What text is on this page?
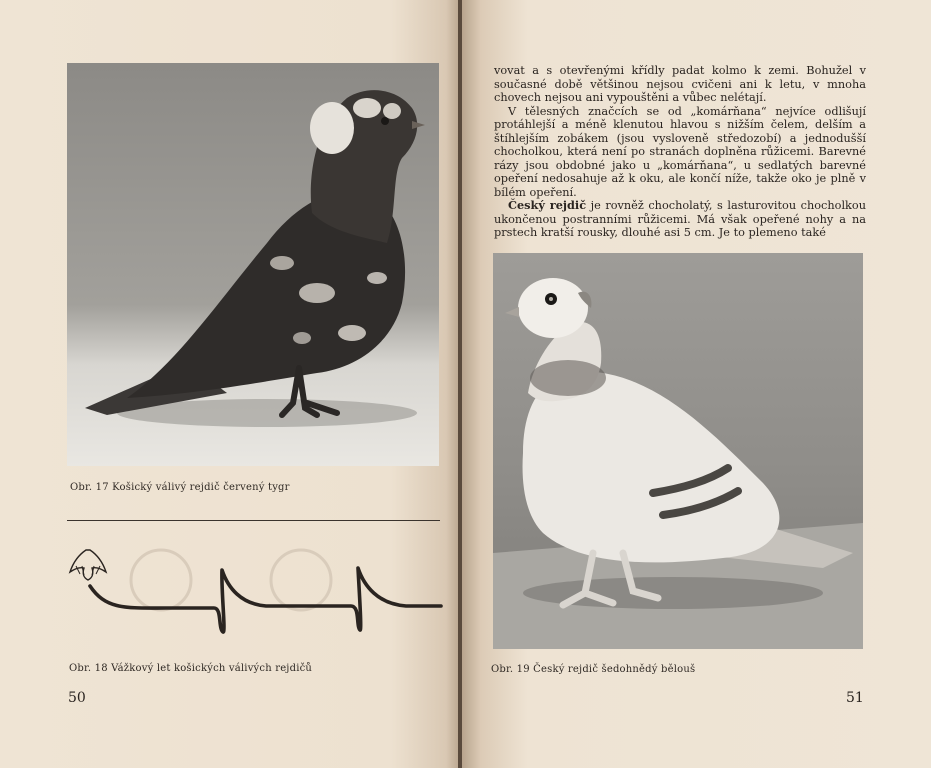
Obr. 17 Košický válivý rejdič červený tygr
Obr. 18 Vážkový let košických válivých rejdičů
50

vovat a s otevřenými křídly padat kolmo k zemi. Bohužel v současné době většinou nejsou cvičeni ani k letu, v mnoha chovech nejsou ani vypouštěni a vůbec nelétají.

V tělesných značcích se od „komárňana“ nejvíce odlišují protáhlejší a méně klenutou hlavou s nižším čelem, delším a štíhlejším zobákem (jsou vysloveně středozobí) a jednodušší chocholkou, která není po stranách doplněna růžicemi. Barevné rázy jsou obdobné jako u „komárňana“, u sedlatých barevné opeření nedosahuje až k oku, ale končí níže, takže oko je plně v bílém opeření.

Český rejdič je rovněž chocholatý, s lasturovitou chocholkou ukončenou postranními růžicemi. Má však opeřené nohy a na prstech kratší rousky, dlouhé asi 5 cm. Je to plemeno také

Obr. 19 Český rejdič šedohnědý bělouš
51
